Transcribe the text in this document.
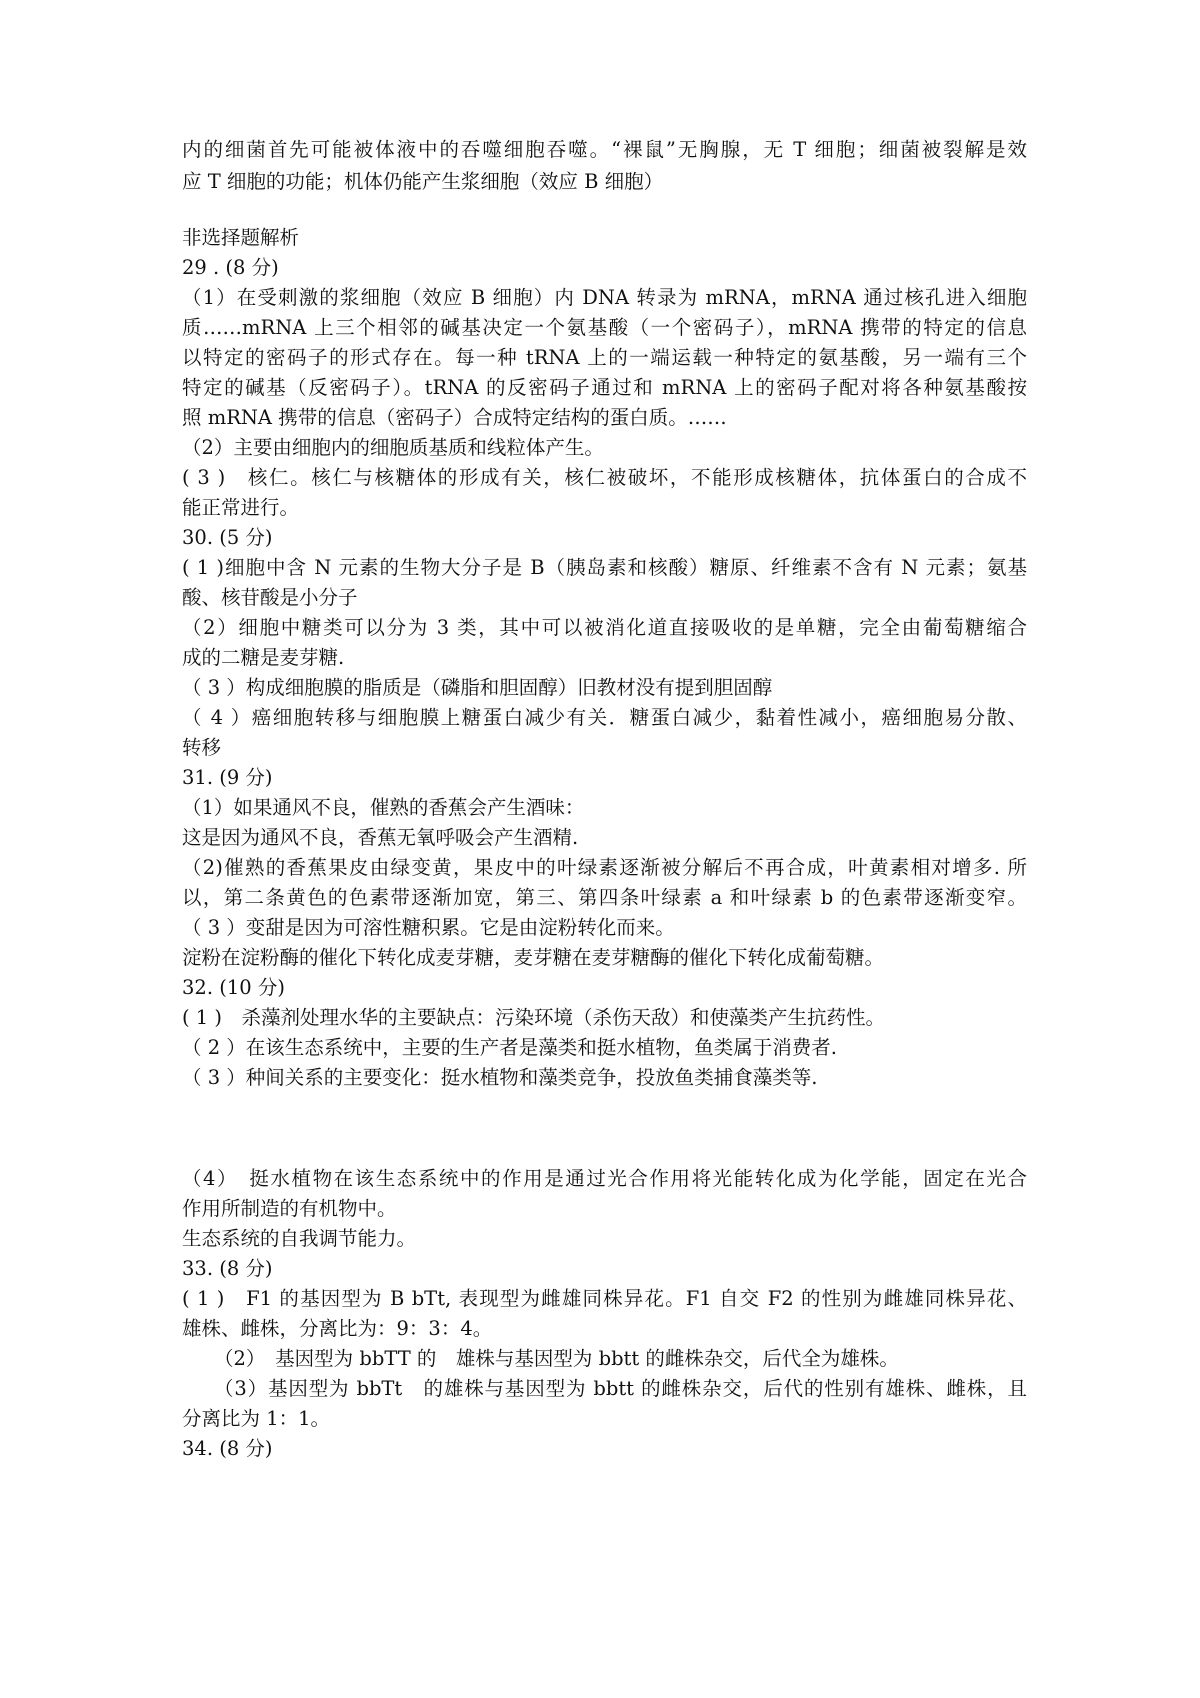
内的细菌首先可能被体液中的吞噬细胞吞噬。“裸鼠”无胸腺，无 T 细胞；细菌被裂解是效
应 T 细胞的功能；机体仍能产生浆细胞（效应 B 细胞）
非选择题解析
29 . (8 分)
（1）在受刺激的浆细胞（效应 B 细胞）内 DNA 转录为 mRNA，mRNA 通过核孔进入细胞
质……mRNA 上三个相邻的碱基决定一个氨基酸（一个密码子），mRNA 携带的特定的信息
以特定的密码子的形式存在。每一种 tRNA 上的一端运载一种特定的氨基酸，另一端有三个
特定的碱基（反密码子）。tRNA 的反密码子通过和 mRNA 上的密码子配对将各种氨基酸按
照 mRNA 携带的信息（密码子）合成特定结构的蛋白质。……
（2）主要由细胞内的细胞质基质和线粒体产生。
( 3 )　核仁。核仁与核糖体的形成有关，核仁被破坏，不能形成核糖体，抗体蛋白的合成不
能正常进行。
30. (5 分)
( 1 )细胞中含 N 元素的生物大分子是 B（胰岛素和核酸）糖原、纤维素不含有 N 元素；氨基
酸、核苷酸是小分子
（2）细胞中糖类可以分为 3 类，其中可以被消化道直接吸收的是单糖，完全由葡萄糖缩合
成的二糖是麦芽糖.
（ 3 ）构成细胞膜的脂质是（磷脂和胆固醇）旧教材没有提到胆固醇
（ 4 ）癌细胞转移与细胞膜上糖蛋白减少有关．糖蛋白减少，黏着性减小，癌细胞易分散、
转移
31. (9 分)
（1）如果通风不良，催熟的香蕉会产生酒味：
这是因为通风不良，香蕉无氧呼吸会产生酒精.
（2)催熟的香蕉果皮由绿变黄，果皮中的叶绿素逐渐被分解后不再合成，叶黄素相对增多. 所
以，第二条黄色的色素带逐渐加宽，第三、第四条叶绿素 a 和叶绿素 b 的色素带逐渐变窄。
（ 3 ）变甜是因为可溶性糖积累。它是由淀粉转化而来。
淀粉在淀粉酶的催化下转化成麦芽糖，麦芽糖在麦芽糖酶的催化下转化成葡萄糖。
32. (10 分)
( 1 )　杀藻剂处理水华的主要缺点：污染环境（杀伤天敌）和使藻类产生抗药性。
（ 2 ）在该生态系统中，主要的生产者是藻类和挺水植物，鱼类属于消费者.
（ 3 ）种间关系的主要变化：挺水植物和藻类竞争，投放鱼类捕食藻类等.
（4）　挺水植物在该生态系统中的作用是通过光合作用将光能转化成为化学能，固定在光合
作用所制造的有机物中。
生态系统的自我调节能力。
33. (8 分)
( 1 )　F1 的基因型为 B bTt, 表现型为雌雄同株异花。F1 自交 F2 的性别为雌雄同株异花、
雄株、雌株，分离比为：9：3：4。
（2）　基因型为 bbTT 的　雄株与基因型为 bbtt 的雌株杂交，后代全为雄株。
（3）基因型为 bbTt　的雄株与基因型为 bbtt 的雌株杂交，后代的性别有雄株、雌株，且
分离比为 1：1。
34. (8 分)
